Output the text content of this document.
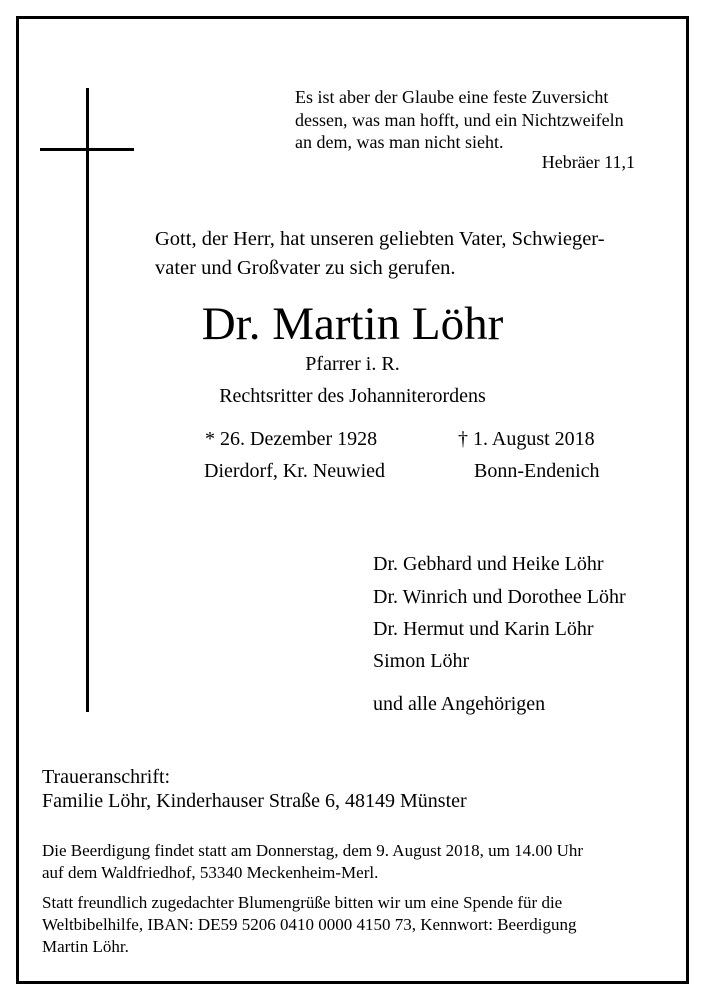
Es ist aber der Glaube eine feste Zuversicht
dessen, was man hofft, und ein Nichtzweifeln
an dem, was man nicht sieht.
Hebräer 11,1
Gott, der Herr, hat unseren geliebten Vater, Schwieger-
vater und Großvater zu sich gerufen.
Dr. Martin Löhr
Pfarrer i. R.
Rechtsritter des Johanniterordens
* 26. Dezember 1928
Dierdorf, Kr. Neuwied
† 1. August 2018
Bonn-Endenich
Dr. Gebhard und Heike Löhr
Dr. Winrich und Dorothee Löhr
Dr. Hermut und Karin Löhr
Simon Löhr
und alle Angehörigen
Traueranschrift:
Familie Löhr, Kinderhauser Straße 6, 48149 Münster
Die Beerdigung findet statt am Donnerstag, dem 9. August 2018, um 14.00 Uhr
auf dem Waldfriedhof, 53340 Meckenheim-Merl.
Statt freundlich zugedachter Blumengrüße bitten wir um eine Spende für die
Weltbibelhilfe, IBAN: DE59 5206 0410 0000 4150 73, Kennwort: Beerdigung
Martin Löhr.
